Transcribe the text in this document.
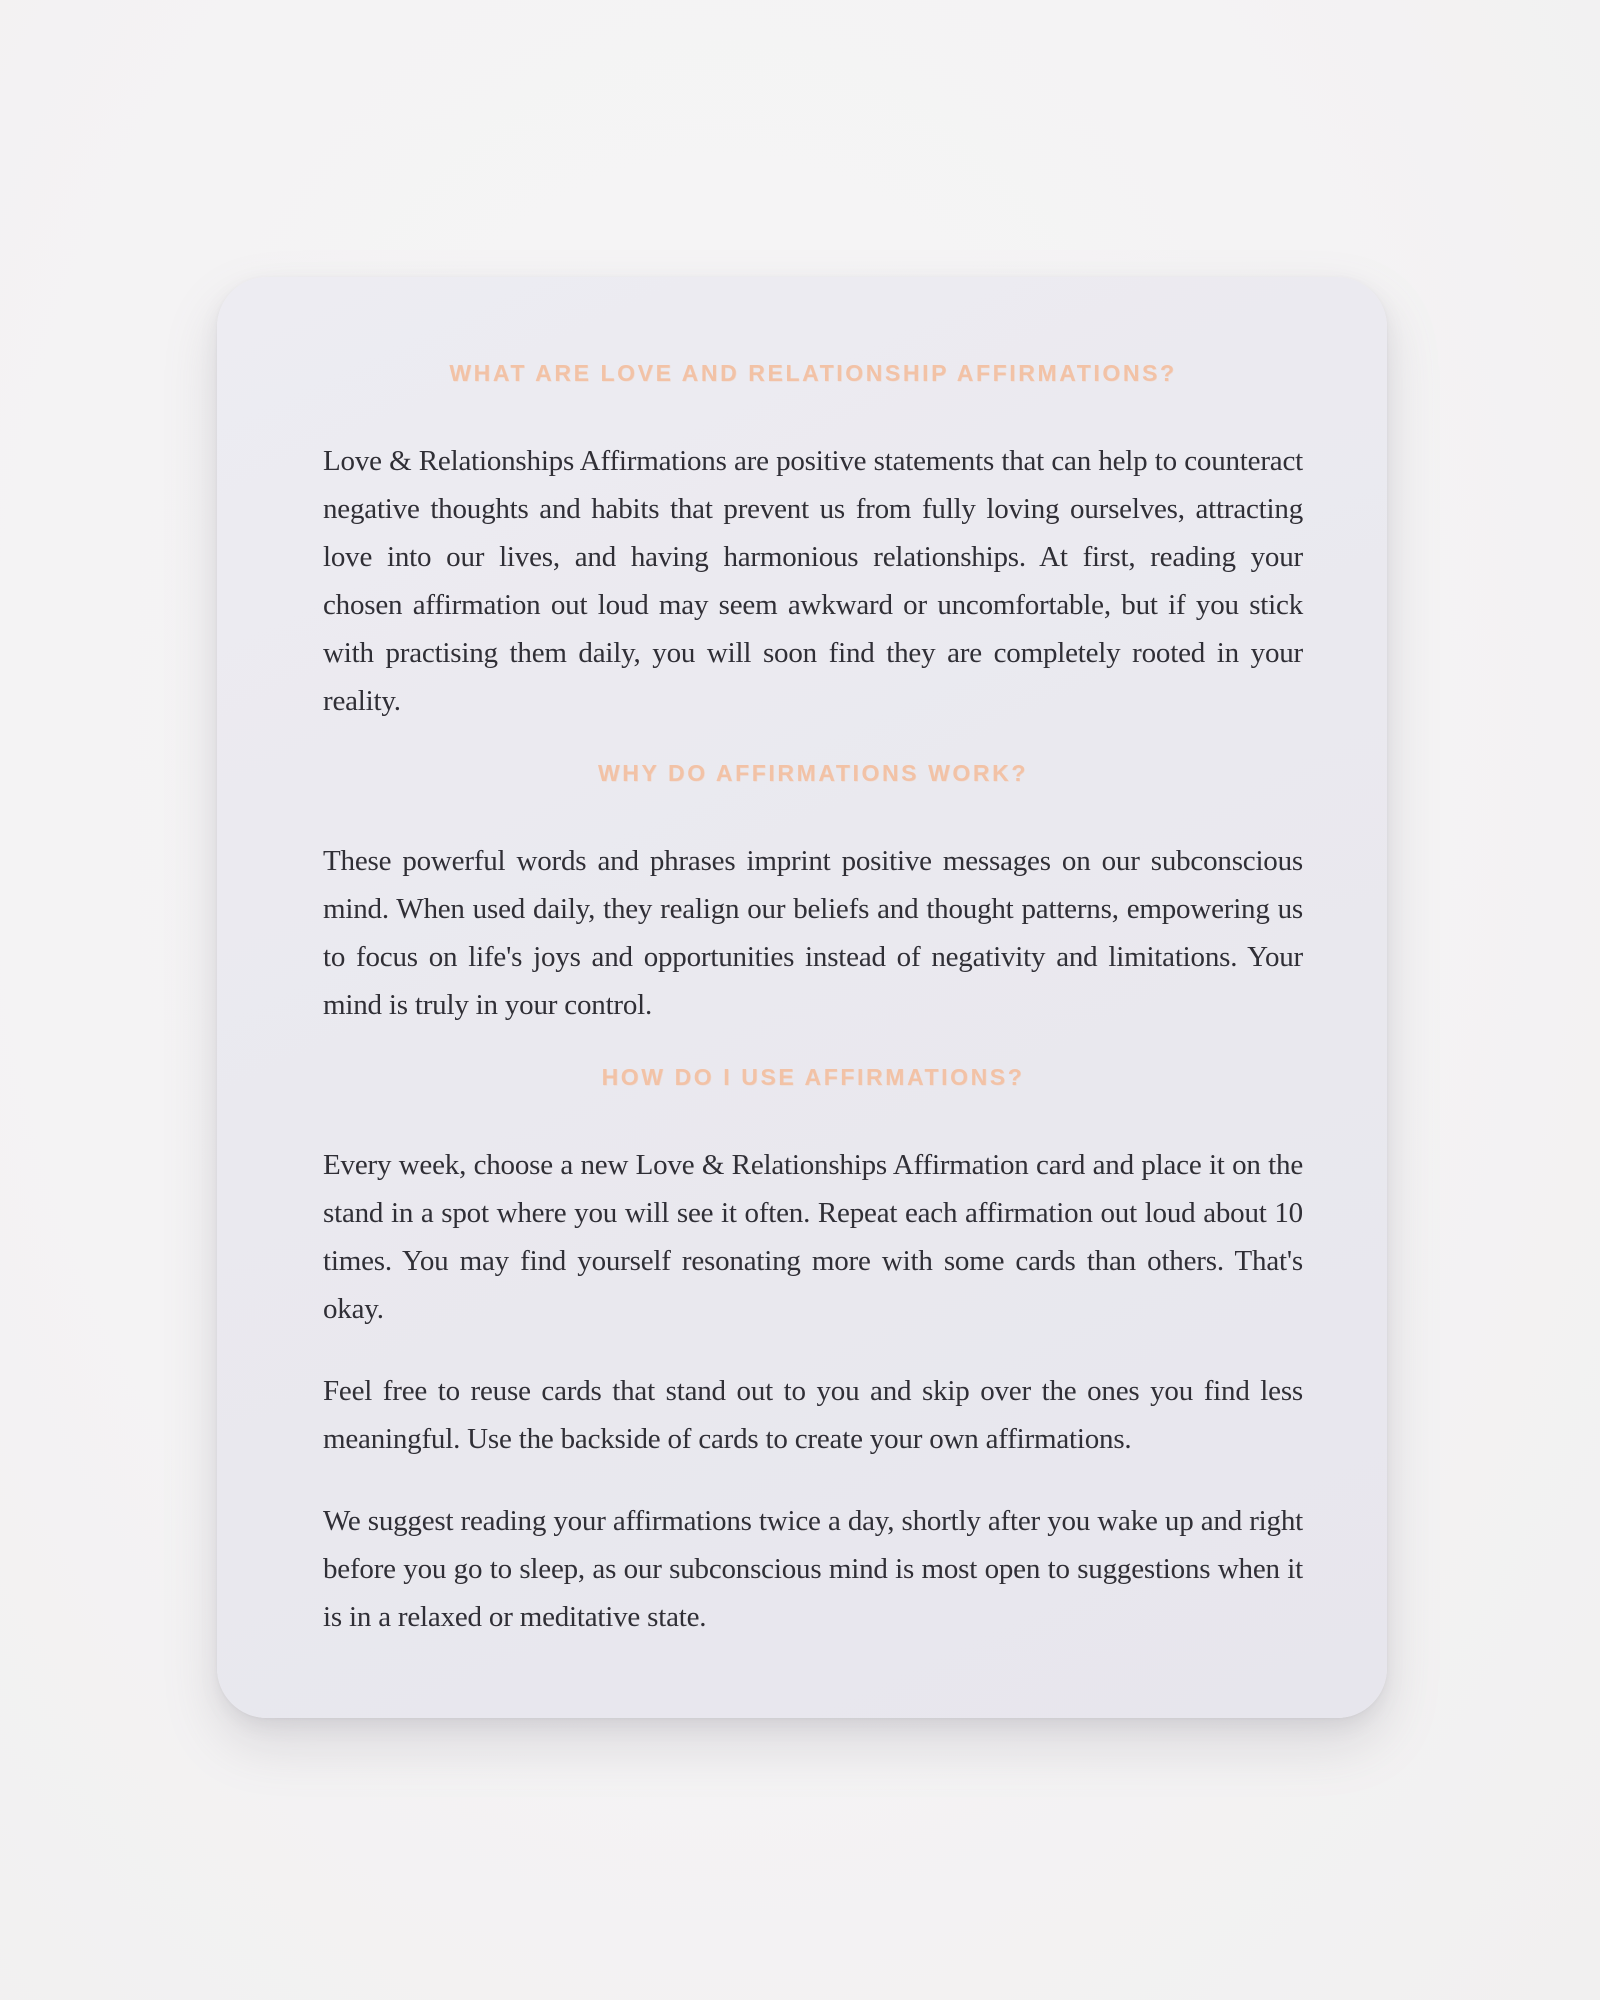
WHAT ARE LOVE AND RELATIONSHIP AFFIRMATIONS?

Love & Relationships Affirmations are positive statements that can help to counteract negative thoughts and habits that prevent us from fully loving ourselves, attracting love into our lives, and having harmonious relationships. At first, reading your chosen affirmation out loud may seem awkward or uncomfortable, but if you stick with practising them daily, you will soon find they are completely rooted in your reality.

WHY DO AFFIRMATIONS WORK?

These powerful words and phrases imprint positive messages on our subconscious mind. When used daily, they realign our beliefs and thought patterns, empowering us to focus on life's joys and opportunities instead of negativity and limitations. Your mind is truly in your control.

HOW DO I USE AFFIRMATIONS?

Every week, choose a new Love & Relationships Affirmation card and place it on the stand in a spot where you will see it often. Repeat each affirmation out loud about 10 times. You may find yourself resonating more with some cards than others. That's okay.

Feel free to reuse cards that stand out to you and skip over the ones you find less meaningful. Use the backside of cards to create your own affirmations.

We suggest reading your affirmations twice a day, shortly after you wake up and right before you go to sleep, as our subconscious mind is most open to suggestions when it is in a relaxed or meditative state.
